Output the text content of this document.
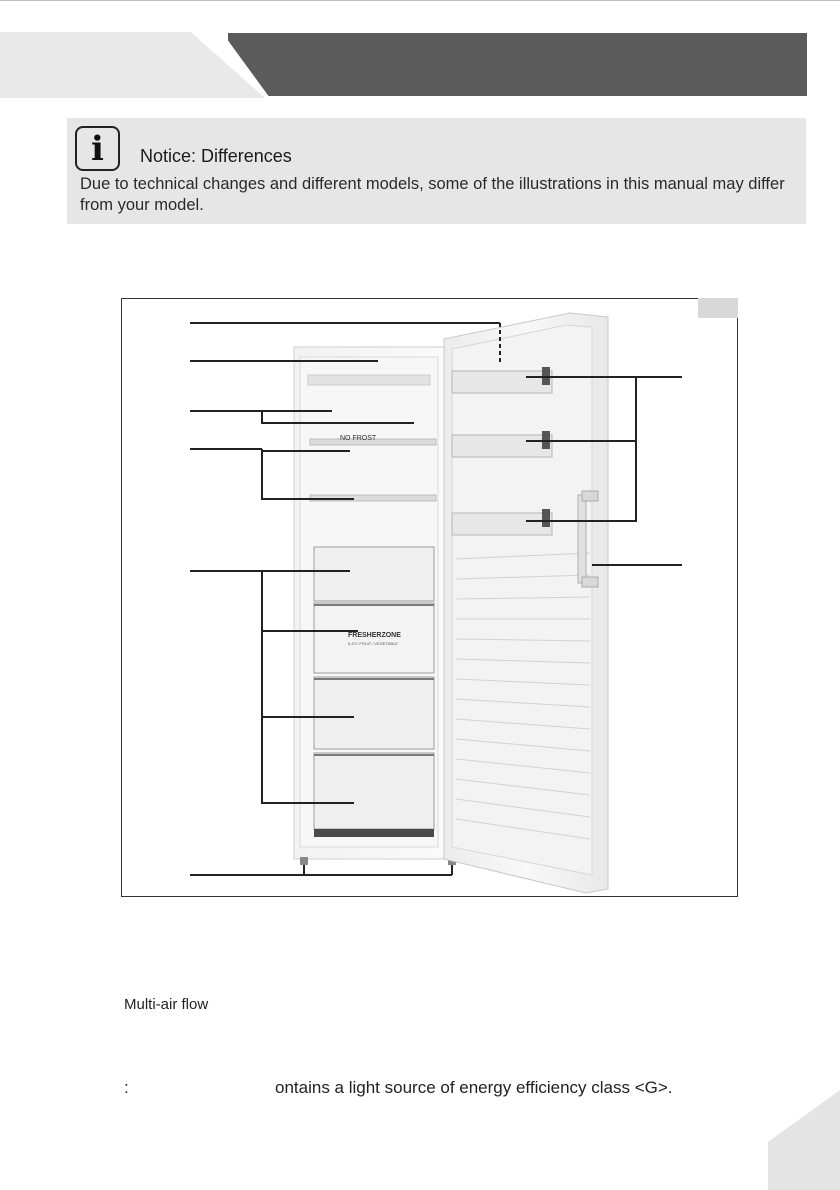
i	Notice: Differences
Due to technical changes and different models, some of the illustrations in this manual may differ from your model.
NO FROST
FRESHERZONE
0-4°C FRUIT / VEGETABLE
Multi-air flow
:	ontains a light source of energy efficiency class <G>.
